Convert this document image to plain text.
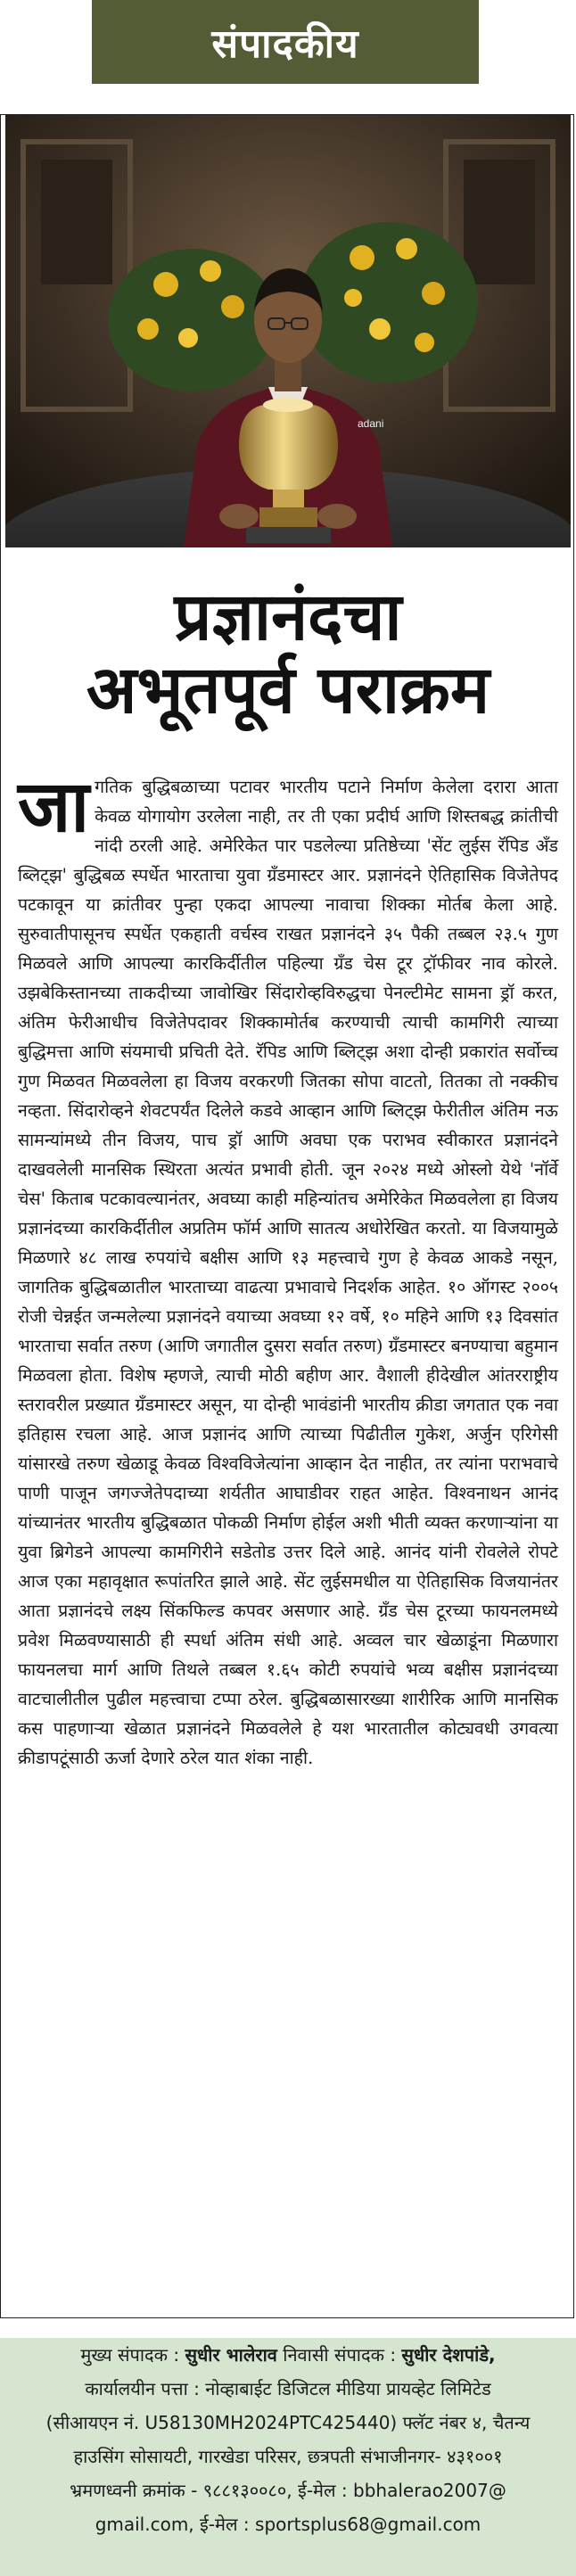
संपादकीय
adani
प्रज्ञानंदचा
अभूतपूर्व पराक्रम
जागतिक बुद्धिबळाच्या पटावर भारतीय पटाने निर्माण केलेला दरारा आता केवळ योगायोग उरलेला नाही, तर ती एका प्रदीर्घ आणि शिस्तबद्ध क्रांतीची नांदी ठरली आहे. अमेरिकेत पार पडलेल्या प्रतिष्ठेच्या 'सेंट लुईस रॅपिड अँड ब्लिट्झ' बुद्धिबळ स्पर्धेत भारताचा युवा ग्रँडमास्टर आर. प्रज्ञानंदने ऐतिहासिक विजेतेपद पटकावून या क्रांतीवर पुन्हा एकदा आपल्या नावाचा शिक्का मोर्तब केला आहे. सुरुवातीपासूनच स्पर्धेत एकहाती वर्चस्व राखत प्रज्ञानंदने ३५ पैकी तब्बल २३.५ गुण मिळवले आणि आपल्या कारकिर्दीतील पहिल्या ग्रँड चेस टूर ट्रॉफीवर नाव कोरले. उझबेकिस्तानच्या ताकदीच्या जावोखिर सिंदारोव्हविरुद्धचा पेनल्टीमेट सामना ड्रॉ करत, अंतिम फेरीआधीच विजेतेपदावर शिक्कामोर्तब करण्याची त्याची कामगिरी त्याच्या बुद्धिमत्ता आणि संयमाची प्रचिती देते. रॅपिड आणि ब्लिट्झ अशा दोन्ही प्रकारांत सर्वोच्च गुण मिळवत मिळवलेला हा विजय वरकरणी जितका सोपा वाटतो, तितका तो नक्कीच नव्हता. सिंदारोव्हने शेवटपर्यंत दिलेले कडवे आव्हान आणि ब्लिट्झ फेरीतील अंतिम नऊ सामन्यांमध्ये तीन विजय, पाच ड्रॉ आणि अवघा एक पराभव स्वीकारत प्रज्ञानंदने दाखवलेली मानसिक स्थिरता अत्यंत प्रभावी होती. जून २०२४ मध्ये ओस्लो येथे 'नॉर्वे चेस' किताब पटकावल्यानंतर, अवघ्या काही महिन्यांतच अमेरिकेत मिळवलेला हा विजय प्रज्ञानंदच्या कारकिर्दीतील अप्रतिम फॉर्म आणि सातत्य अधोरेखित करतो. या विजयामुळे मिळणारे ४८ लाख रुपयांचे बक्षीस आणि १३ महत्त्वाचे गुण हे केवळ आकडे नसून, जागतिक बुद्धिबळातील भारताच्या वाढत्या प्रभावाचे निदर्शक आहेत. १० ऑगस्ट २००५ रोजी चेन्नईत जन्मलेल्या प्रज्ञानंदने वयाच्या अवघ्या १२ वर्षे, १० महिने आणि १३ दिवसांत भारताचा सर्वात तरुण (आणि जगातील दुसरा सर्वात तरुण) ग्रँडमास्टर बनण्याचा बहुमान मिळवला होता. विशेष म्हणजे, त्याची मोठी बहीण आर. वैशाली हीदेखील आंतरराष्ट्रीय स्तरावरील प्रख्यात ग्रँडमास्टर असून, या दोन्ही भावंडांनी भारतीय क्रीडा जगतात एक नवा इतिहास रचला आहे. आज प्रज्ञानंद आणि त्याच्या पिढीतील गुकेश, अर्जुन एरिगेसी यांसारखे तरुण खेळाडू केवळ विश्वविजेत्यांना आव्हान देत नाहीत, तर त्यांना पराभवाचे पाणी पाजून जगज्जेतेपदाच्या शर्यतीत आघाडीवर राहत आहेत. विश्वनाथन आनंद यांच्यानंतर भारतीय बुद्धिबळात पोकळी निर्माण होईल अशी भीती व्यक्त करणाऱ्यांना या युवा ब्रिगेडने आपल्या कामगिरीने सडेतोड उत्तर दिले आहे. आनंद यांनी रोवलेले रोपटे आज एका महावृक्षात रूपांतरित झाले आहे. सेंट लुईसमधील या ऐतिहासिक विजयानंतर आता प्रज्ञानंदचे लक्ष्य सिंकफिल्ड कपवर असणार आहे. ग्रँड चेस टूरच्या फायनलमध्ये प्रवेश मिळवण्यासाठी ही स्पर्धा अंतिम संधी आहे. अव्वल चार खेळाडूंना मिळणारा फायनलचा मार्ग आणि तिथले तब्बल १.६५ कोटी रुपयांचे भव्य बक्षीस प्रज्ञानंदच्या वाटचालीतील पुढील महत्त्वाचा टप्पा ठरेल. बुद्धिबळासारख्या शारीरिक आणि मानसिक कस पाहणाऱ्या खेळात प्रज्ञानंदने मिळवलेले हे यश भारतातील कोट्यवधी उगवत्या क्रीडापटूंसाठी ऊर्जा देणारे ठरेल यात शंका नाही.

मुख्य संपादक : सुधीर भालेराव निवासी संपादक : सुधीर देशपांडे,

कार्यालयीन पत्ता : नोव्हाबाईट डिजिटल मीडिया प्रायव्हेट लिमिटेड

(सीआयएन नं. U58130MH2024PTC425440) फ्लॅट नंबर ४, चैतन्य

हाउसिंग सोसायटी, गारखेडा परिसर, छत्रपती संभाजीनगर- ४३१००१

भ्रमणध्वनी क्रमांक - ९८८१३००८०, ई-मेल : bbhalerao2007@

gmail.com, ई-मेल : sportsplus68@gmail.com
